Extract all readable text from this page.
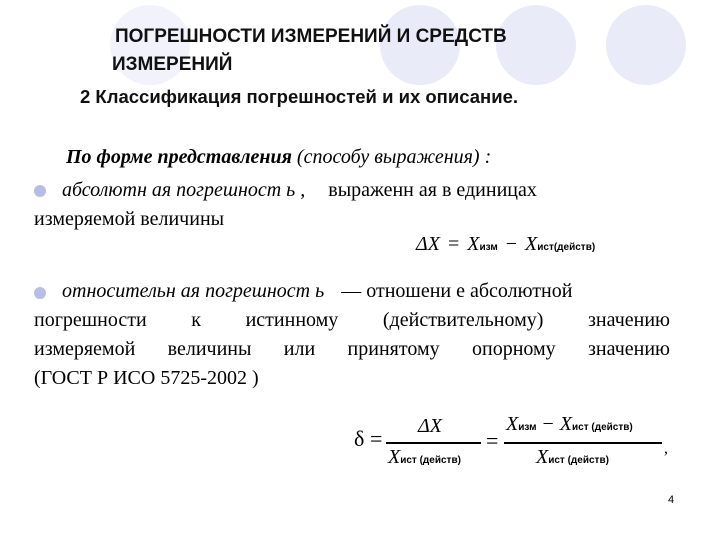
ПОГРЕШНОСТИ ИЗМЕРЕНИЙ И СРЕДСТВ
ИЗМЕРЕНИЙ
2 Классификация погрешностей и их описание.
По форме представления (способу выражения) :
абсолютн ая погрешност ь , выраженн ая в единицах
измеряемой величины
ΔX = Xизм − Xист(действ)
относительн ая погрешност ь — отношени е абсолютной
погрешности к истинному (действительному) значению
измеряемой величины или принятому опорному значению
(ГОСТ Р ИСО 5725-2002 )
δ = ΔX
Xист (действ)
=
Xизм − Xист (действ)
Xист (действ)
,
4
